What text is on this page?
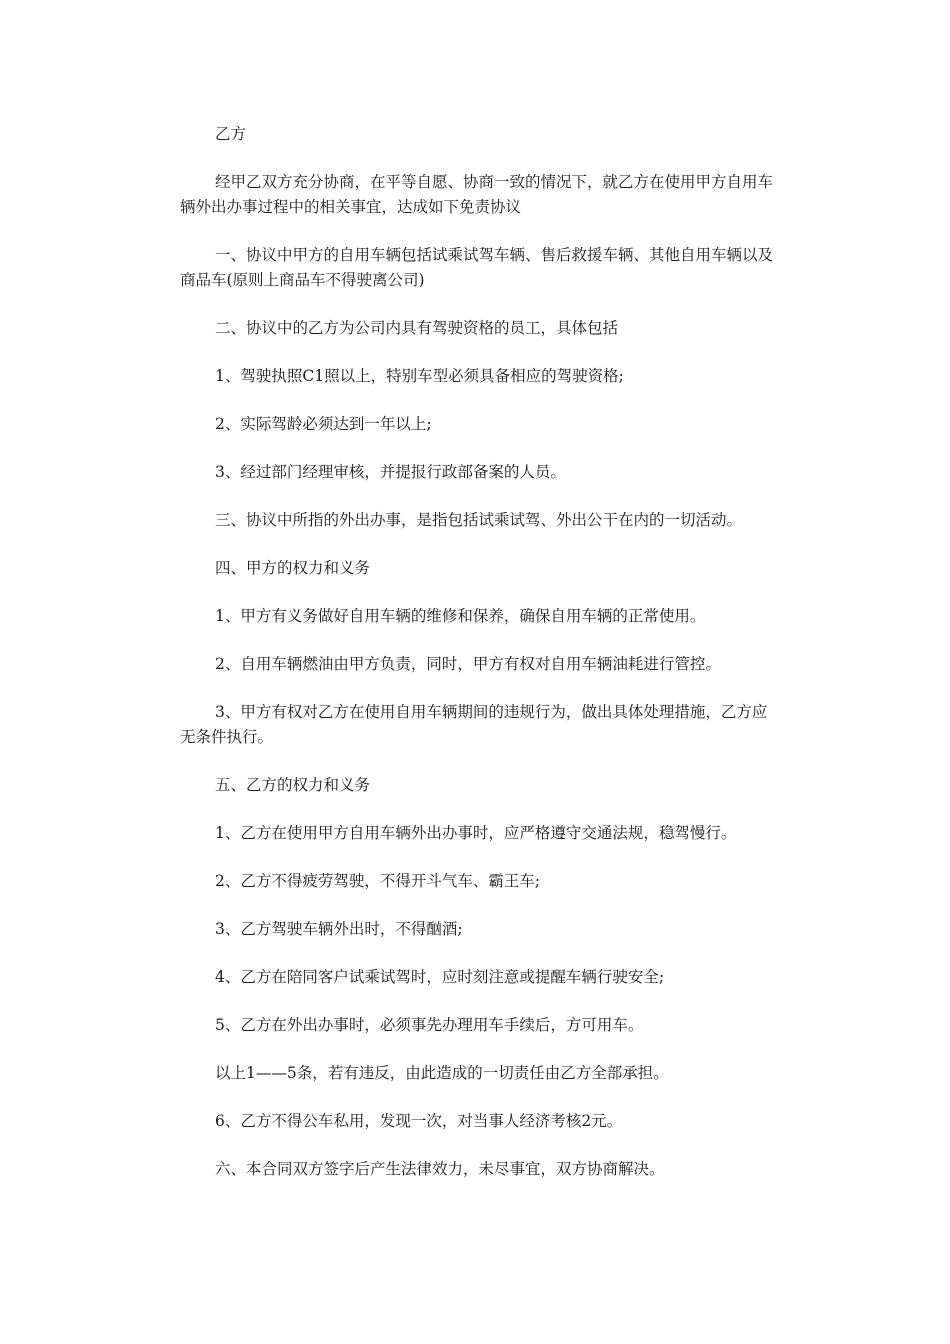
乙方

经甲乙双方充分协商，在平等自愿、协商一致的情况下，就乙方在使用甲方自用车辆外出办事过程中的相关事宜，达成如下免责协议

一、协议中甲方的自用车辆包括试乘试驾车辆、售后救援车辆、其他自用车辆以及商品车(原则上商品车不得驶离公司)

二、协议中的乙方为公司内具有驾驶资格的员工，具体包括

1、驾驶执照C1照以上，特别车型必须具备相应的驾驶资格;

2、实际驾龄必须达到一年以上;

3、经过部门经理审核，并提报行政部备案的人员。

三、协议中所指的外出办事，是指包括试乘试驾、外出公干在内的一切活动。

四、甲方的权力和义务

1、甲方有义务做好自用车辆的维修和保养，确保自用车辆的正常使用。

2、自用车辆燃油由甲方负责，同时，甲方有权对自用车辆油耗进行管控。

3、甲方有权对乙方在使用自用车辆期间的违规行为，做出具体处理措施，乙方应无条件执行。

五、乙方的权力和义务

1、乙方在使用甲方自用车辆外出办事时，应严格遵守交通法规，稳驾慢行。

2、乙方不得疲劳驾驶，不得开斗气车、霸王车;

3、乙方驾驶车辆外出时，不得酗酒;

4、乙方在陪同客户试乘试驾时，应时刻注意或提醒车辆行驶安全;

5、乙方在外出办事时，必须事先办理用车手续后，方可用车。

以上1——5条，若有违反，由此造成的一切责任由乙方全部承担。

6、乙方不得公车私用，发现一次，对当事人经济考核2元。

六、本合同双方签字后产生法律效力，未尽事宜，双方协商解决。
